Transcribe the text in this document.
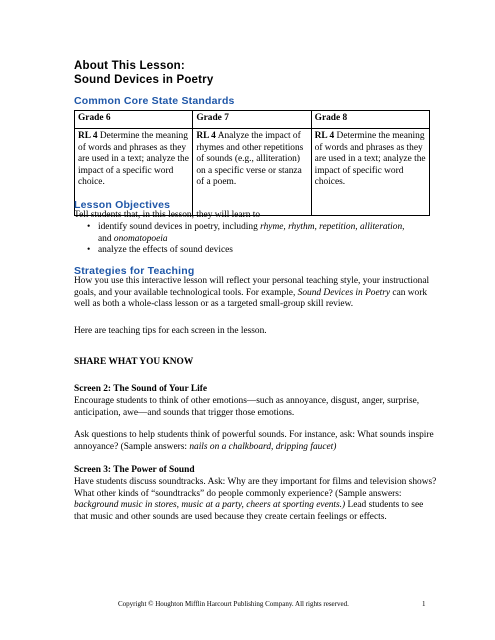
About This Lesson:
Sound Devices in Poetry
Common Core State Standards
Grade 6	Grade 7	Grade 8
RL 4 Determine the meaning of words and phrases as they are used in a text; analyze the impact of a specific word choice.	RL 4 Analyze the impact of rhymes and other repetitions of sounds (e.g., alliteration) on a specific verse or stanza of a poem.	RL 4 Determine the meaning of words and phrases as they are used in a text; analyze the impact of specific word choices.
Lesson Objectives
Tell students that, in this lesson, they will learn to
• identify sound devices in poetry, including rhyme, rhythm, repetition, alliteration,
and onomatopoeia
• analyze the effects of sound devices
Strategies for Teaching
How you use this interactive lesson will reflect your personal teaching style, your instructional goals, and your available technological tools. For example, Sound Devices in Poetry can work well as both a whole-class lesson or as a targeted small-group skill review.
Here are teaching tips for each screen in the lesson.
SHARE WHAT YOU KNOW
Screen 2: The Sound of Your Life
Encourage students to think of other emotions—such as annoyance, disgust, anger, surprise, anticipation, awe—and sounds that trigger those emotions.
Ask questions to help students think of powerful sounds. For instance, ask: What sounds inspire annoyance? (Sample answers: nails on a chalkboard, dripping faucet)
Screen 3: The Power of Sound
Have students discuss soundtracks. Ask: Why are they important for films and television shows? What other kinds of “soundtracks” do people commonly experience? (Sample answers: background music in stores, music at a party, cheers at sporting events.) Lead students to see that music and other sounds are used because they create certain feelings or effects.
Copyright © Houghton Mifflin Harcourt Publishing Company. All rights reserved.	1
